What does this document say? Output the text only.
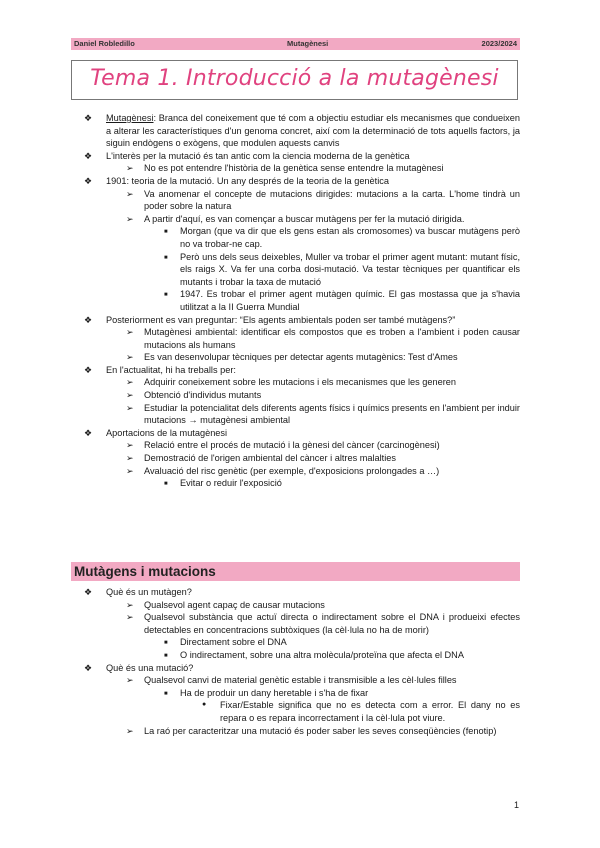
Daniel Robledillo	Mutagènesi	2023/2024
Tema 1. Introducció a la mutagènesi

❖ Mutagènesi: Branca del coneixement que té com a objectiu estudiar els mecanismes que condueixen a alterar les característiques d'un genoma concret, així com la determinació de tots aquells factors, ja siguin endògens o exògens, que modulen aquests canvis

❖ L'interès per la mutació és tan antic com la ciencia moderna de la genètica

➢ No es pot entendre l'història de la genètica sense entendre la mutagènesi

❖ 1901: teoria de la mutació. Un any després de la teoria de la genètica

➢ Va anomenar el concepte de mutacions dirigides: mutacions a la carta. L'home tindrà un poder sobre la natura

➢ A partir d'aquí, es van començar a buscar mutàgens per fer la mutació dirigida.

■ Morgan (que va dir que els gens estan als cromosomes) va buscar mutàgens però no va trobar-ne cap.

■ Però uns dels seus deixebles, Muller va trobar el primer agent mutant: mutant físic, els raigs X. Va fer una corba dosi-mutació. Va testar tècniques per quantificar els mutants i trobar la taxa de mutació

■ 1947. Es trobar el primer agent mutàgen químic. El gas mostassa que ja s'havia utilitzat a la II Guerra Mundial

❖ Posteriorment es van preguntar: “Els agents ambientals poden ser també mutàgens?”

➢ Mutagènesi ambiental: identificar els compostos que es troben a l'ambient i poden causar mutacions als humans

➢ Es van desenvolupar tècniques per detectar agents mutagènics: Test d'Ames

❖ En l'actualitat, hi ha treballs per:

➢ Adquirir coneixement sobre les mutacions i els mecanismes que les generen

➢ Obtenció d'individus mutants

➢ Estudiar la potencialitat dels diferents agents físics i químics presents en l'ambient per induir mutacions → mutagènesi ambiental

❖ Aportacions de la mutagènesi

➢ Relació entre el procés de mutació i la gènesi del càncer (carcinogènesi)

➢ Demostració de l'origen ambiental del càncer i altres malalties

➢ Avaluació del risc genètic (per exemple, d'exposicions prolongades a …)

■ Evitar o reduir l'exposició

Mutàgens i mutacions

❖ Què és un mutàgen?

➢ Qualsevol agent capaç de causar mutacions

➢ Qualsevol substància que actuï directa o indirectament sobre el DNA i produeixi efectes detectables en concentracions subtòxiques (la cèl·lula no ha de morir)

■ Directament sobre el DNA

■ O indirectament, sobre una altra molècula/proteïna que afecta el DNA

❖ Què és una mutació?

➢ Qualsevol canvi de material genètic estable i transmisible a les cèl·lules filles

■ Ha de produir un dany heretable i s'ha de fixar

● Fixar/Estable significa que no es detecta com a error. El dany no es repara o es repara incorrectament i la cèl·lula pot viure.

➢ La raó per caracteritzar una mutació és poder saber les seves conseqüències (fenotip)

1
